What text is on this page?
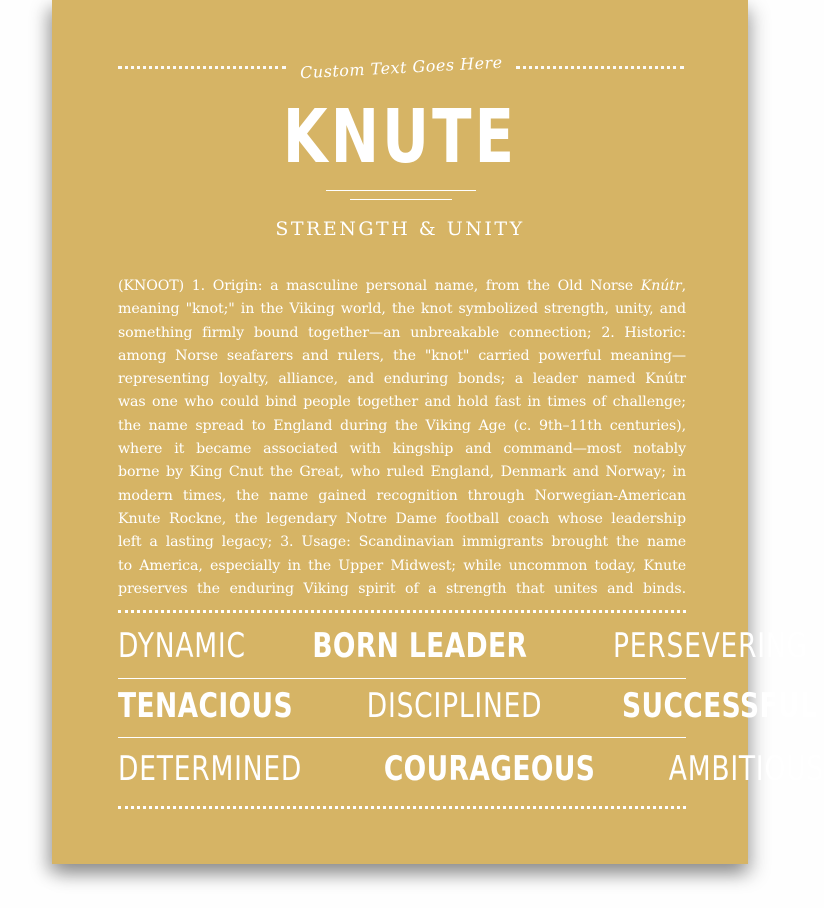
Custom Text Goes Here
KNUTE
STRENGTH & UNITY
(KNOOT) 1. Origin: a masculine personal name, from the Old Norse Knútr,
meaning "knot;" in the Viking world, the knot symbolized strength, unity, and
something firmly bound together—an unbreakable connection; 2. Historic:
among Norse seafarers and rulers, the "knot" carried powerful meaning—
representing loyalty, alliance, and enduring bonds; a leader named Knútr
was one who could bind people together and hold fast in times of challenge;
the name spread to England during the Viking Age (c. 9th–11th centuries),
where it became associated with kingship and command—most notably
borne by King Cnut the Great, who ruled England, Denmark and Norway; in
modern times, the name gained recognition through Norwegian-American
Knute Rockne, the legendary Notre Dame football coach whose leadership
left a lasting legacy; 3. Usage: Scandinavian immigrants brought the name
to America, especially in the Upper Midwest; while uncommon today, Knute
preserves the enduring Viking spirit of a strength that unites and binds.
DYNAMIC BORN LEADER	PERSEVERING
TENACIOUS DISCIPLINED SUCCESSFUL
DETERMINED COURAGEOUS AMBITIOUS
